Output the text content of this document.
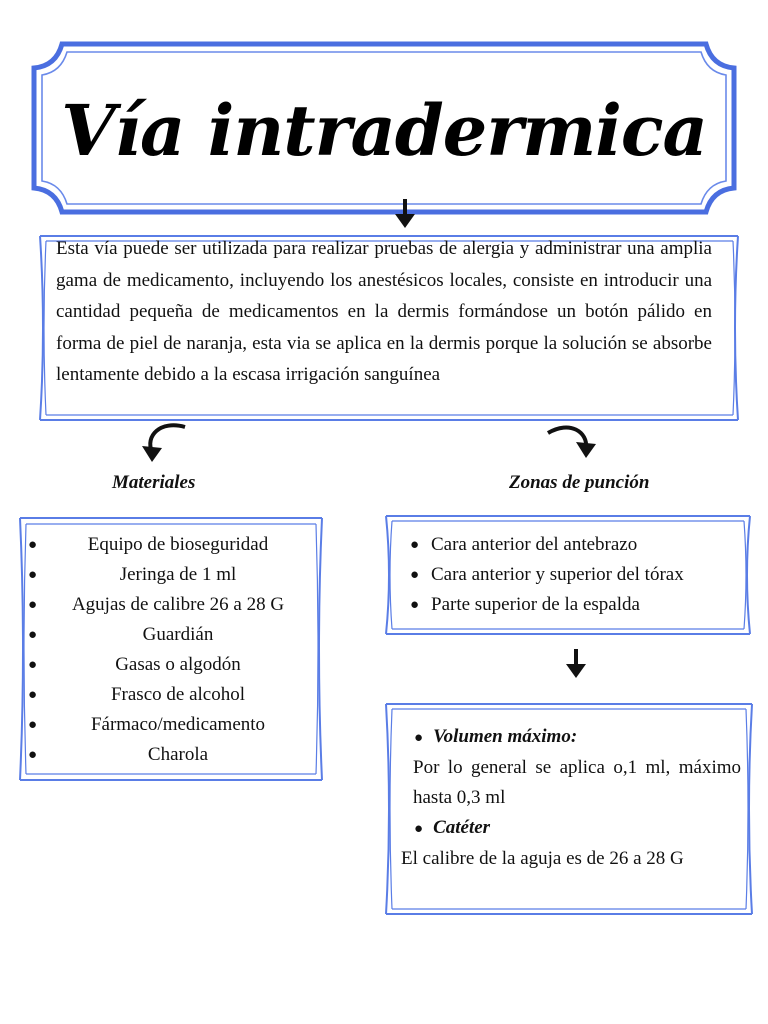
Vía intradermica
Esta vía puede ser utilizada para realizar pruebas de alergia y administrar una amplia gama de medicamento, incluyendo los anestésicos locales, consiste en introducir una cantidad pequeña de medicamentos en la dermis formándose un botón pálido en forma de piel de naranja, esta via se aplica en la dermis porque la solución se absorbe lentamente debido a la escasa irrigación sanguínea
Materiales	Zonas de punción
●	Equipo de bioseguridad
●	Jeringa de 1 ml
● Agujas de calibre 26 a 28 G
●	Guardián
●	Gasas o algodón
●	Frasco de alcohol
●	Fármaco/medicamento
●	Charola
● Cara anterior del antebrazo
● Cara anterior y superior del tórax
● Parte superior de la espalda
● Volumen máximo:
Por lo general se aplica o,1 ml, máximo hasta 0,3 ml
● Catéter
El calibre de la aguja es de 26 a 28 G
